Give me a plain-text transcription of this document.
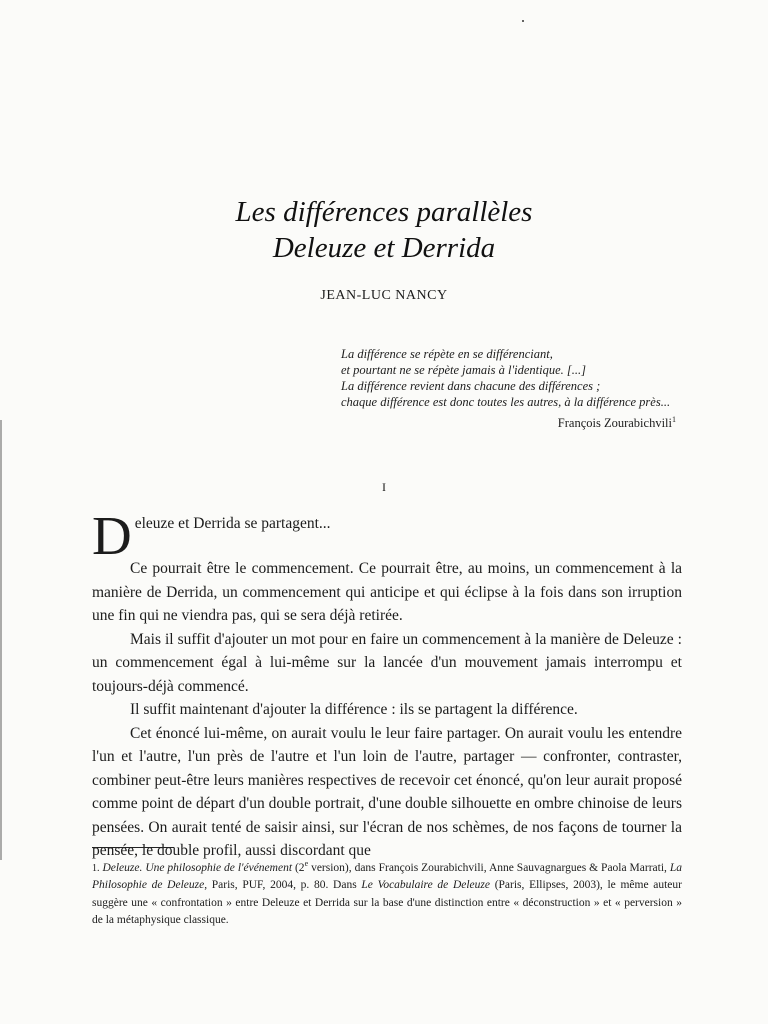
Les différences parallèles
Deleuze et Derrida
JEAN-LUC NANCY
La différence se répète en se différenciant,
et pourtant ne se répète jamais à l'identique. [...]
La différence revient dans chacune des différences ;
chaque différence est donc toutes les autres, à la différence près...
François Zourabichvili$^1$
I
Deleuze et Derrida se partagent...

Ce pourrait être le commencement. Ce pourrait être, au moins, un commencement à la manière de Derrida, un commencement qui anticipe et qui éclipse à la fois dans son irruption une fin qui ne viendra pas, qui se sera déjà retirée.

Mais il suffit d'ajouter un mot pour en faire un commencement à la manière de Deleuze : un commencement égal à lui-même sur la lancée d'un mouvement jamais interrompu et toujours-déjà commencé.

Il suffit maintenant d'ajouter la différence : ils se partagent la différence.

Cet énoncé lui-même, on aurait voulu le leur faire partager. On aurait voulu les entendre l'un et l'autre, l'un près de l'autre et l'un loin de l'autre, partager — confronter, contraster, combiner peut-être leurs manières respectives de recevoir cet énoncé, qu'on leur aurait proposé comme point de départ d'un double portrait, d'une double silhouette en ombre chinoise de leurs pensées. On aurait tenté de saisir ainsi, sur l'écran de nos schèmes, de nos façons de tourner la pensée, le double profil, aussi discordant que

1. Deleuze. Une philosophie de l'événement (2e version), dans François Zourabichvili, Anne Sauvagnargues & Paola Marrati, La Philosophie de Deleuze, Paris, PUF, 2004, p. 80. Dans Le Vocabulaire de Deleuze (Paris, Ellipses, 2003), le même auteur suggère une « confrontation » entre Deleuze et Derrida sur la base d'une distinction entre « déconstruction » et « perversion » de la métaphysique classique.
